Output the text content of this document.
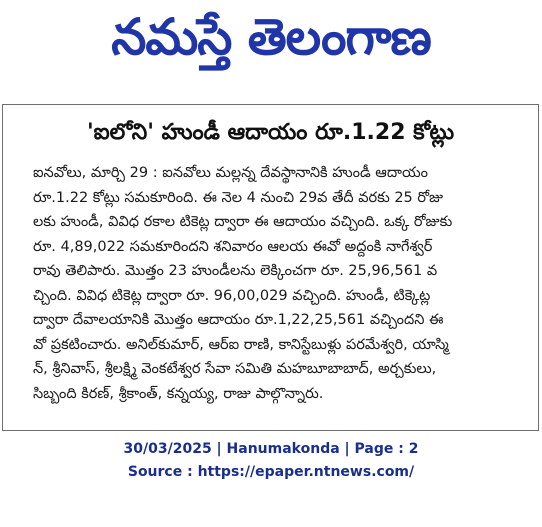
నమస్తే తెలంగాణ
'ఐలోని' హుండీ ఆదాయం రూ.1.22 కోట్లు
ఐనవోలు, మార్చి 29 : ఐనవోలు మల్లన్న దేవస్థానానికి హుండీ ఆదాయం
రూ.1.22 కోట్లు సమకూరింది. ఈ నెల 4 నుంచి 29వ తేదీ వరకు 25 రోజు
లకు హుండీ, వివిధ రకాల టికెట్ల ద్వారా ఈ ఆదాయం వచ్చింది. ఒక్క రోజుకు
రూ. 4,89,022 సమకూరిందని శనివారం ఆలయ ఈవో అద్దంకి నాగేశ్వర్
రావు తెలిపారు. మొత్తం 23 హుండీలను లెక్కించగా రూ. 25,96,561 వ
చ్చింది. వివిధ టికెట్ల ద్వారా రూ. 96,00,029 వచ్చింది. హుండీ, టిక్కెట్ల
ద్వారా దేవాలయానికి మొత్తం ఆదాయం రూ.1,22,25,561 వచ్చిందని ఈ
వో ప్రకటించారు. అనిల్‌కుమార్, ఆర్ఐ రాణి, కానిస్టేబుళ్లు పరమేశ్వరి, యాస్మి
న్, శ్రీనివాస్, శ్రీలక్ష్మి వెంకటేశ్వర సేవా సమితి మహబూబాబాద్, అర్చకులు,
సిబ్బంది కిరణ్, శ్రీకాంత్, కన్నయ్య, రాజు పాల్గొన్నారు.
30/03/2025 | Hanumakonda | Page : 2
Source : https://epaper.ntnews.com/
